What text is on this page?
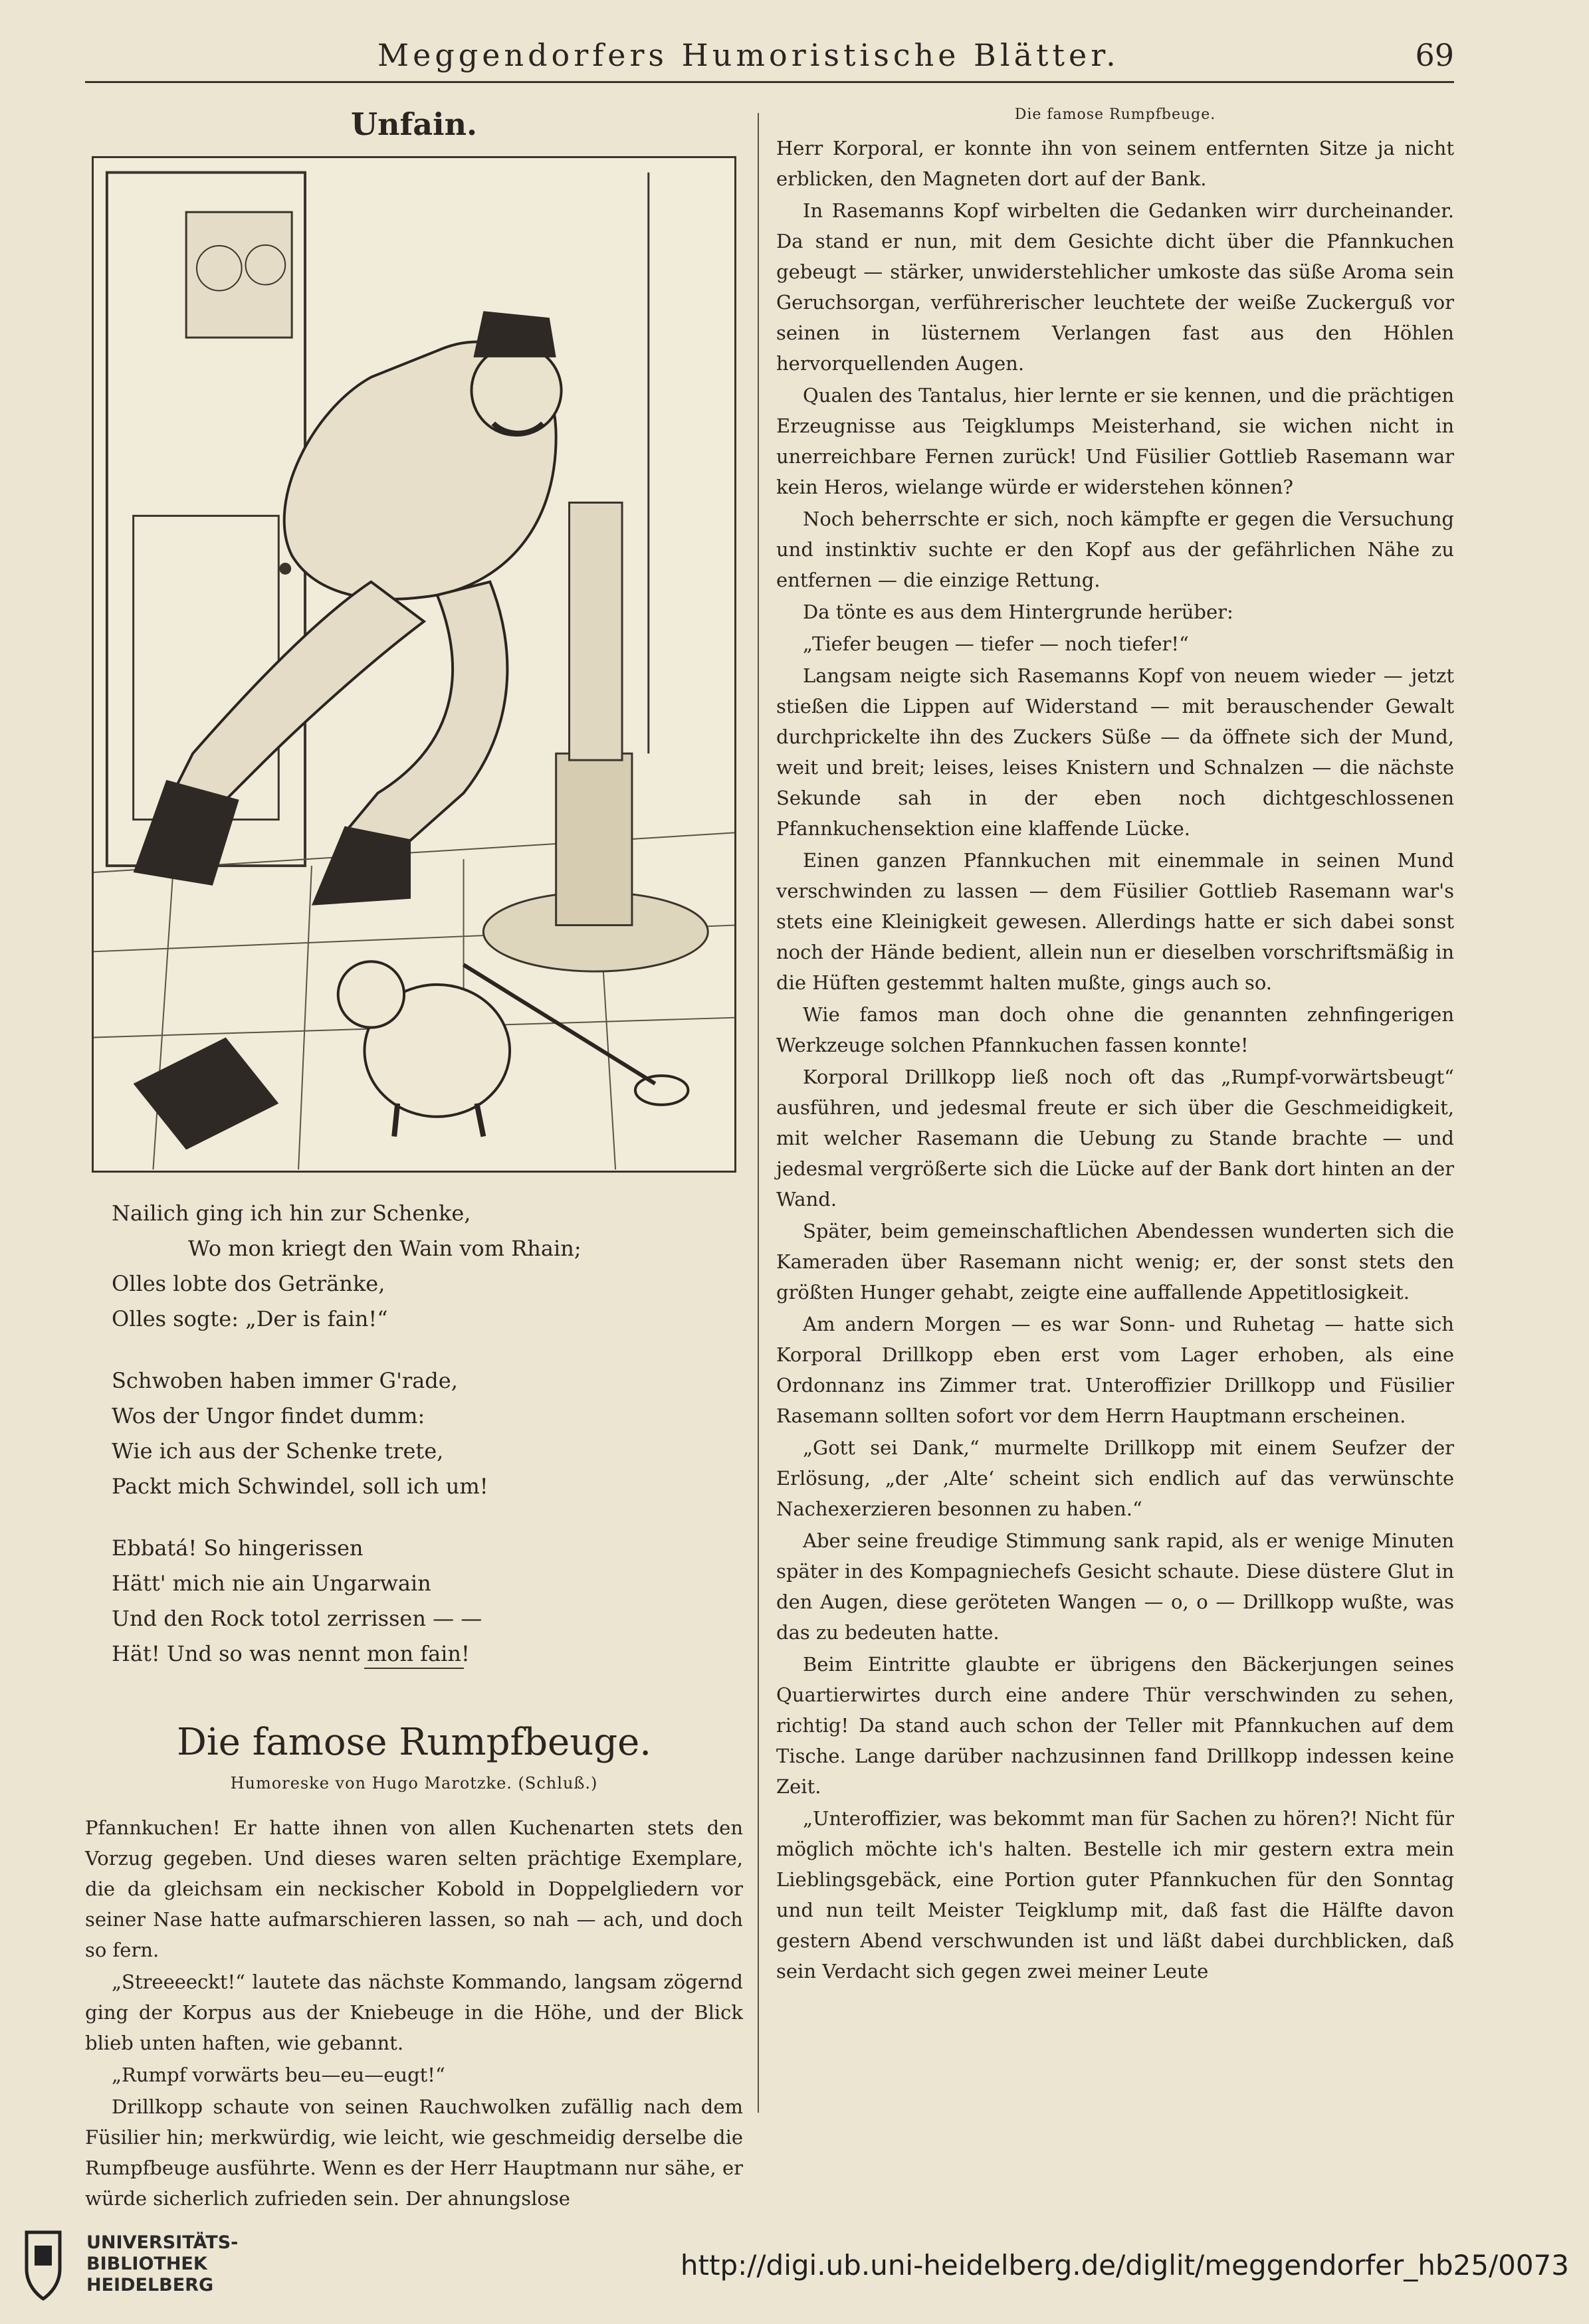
Meggendorfers Humoristische Blätter.	69
Unfain.
Nailich ging ich hin zur Schenke,
Wo mon kriegt den Wain vom Rhain;
Olles lobte dos Getränke,
Olles sogte: „Der is fain!“
Schwoben haben immer G'rade,
Wos der Ungor findet dumm:
Wie ich aus der Schenke trete,
Packt mich Schwindel, soll ich um!
Ebbatá! So hingerissen
Hätt' mich nie ain Ungarwain
Und den Rock totol zerrissen — —
Hät! Und so was nennt mon fain!
Die famose Rumpfbeuge.
Humoreske von Hugo Marotzke. (Schluß.)

Pfannkuchen! Er hatte ihnen von allen Kuchenarten stets den Vorzug gegeben. Und dieses waren selten prächtige Exemplare, die da gleichsam ein neckischer Kobold in Doppelgliedern vor seiner Nase hatte aufmarschieren lassen, so nah — ach, und doch so fern.

„Streeeeckt!“ lautete das nächste Kommando, langsam zögernd ging der Korpus aus der Kniebeuge in die Höhe, und der Blick blieb unten haften, wie gebannt.

„Rumpf vorwärts beu—eu—eugt!“

Drillkopp schaute von seinen Rauchwolken zufällig nach dem Füsilier hin; merkwürdig, wie leicht, wie geschmeidig derselbe die Rumpfbeuge ausführte. Wenn es der Herr Hauptmann nur sähe, er würde sicherlich zufrieden sein. Der ahnungslose

Die famose Rumpfbeuge.

Herr Korporal, er konnte ihn von seinem entfernten Sitze ja nicht erblicken, den Magneten dort auf der Bank.

In Rasemanns Kopf wirbelten die Gedanken wirr durcheinander. Da stand er nun, mit dem Gesichte dicht über die Pfannkuchen gebeugt — stärker, unwiderstehlicher umkoste das süße Aroma sein Geruchsorgan, verführerischer leuchtete der weiße Zuckerguß vor seinen in lüsternem Verlangen fast aus den Höhlen hervorquellenden Augen.

Qualen des Tantalus, hier lernte er sie kennen, und die prächtigen Erzeugnisse aus Teigklumps Meisterhand, sie wichen nicht in unerreichbare Fernen zurück! Und Füsilier Gottlieb Rasemann war kein Heros, wielange würde er widerstehen können?

Noch beherrschte er sich, noch kämpfte er gegen die Versuchung und instinktiv suchte er den Kopf aus der gefährlichen Nähe zu entfernen — die einzige Rettung.

Da tönte es aus dem Hintergrunde herüber:

„Tiefer beugen — tiefer — noch tiefer!“

Langsam neigte sich Rasemanns Kopf von neuem wieder — jetzt stießen die Lippen auf Widerstand — mit berauschender Gewalt durchprickelte ihn des Zuckers Süße — da öffnete sich der Mund, weit und breit; leises, leises Knistern und Schnalzen — die nächste Sekunde sah in der eben noch dichtgeschlossenen Pfannkuchensektion eine klaffende Lücke.

Einen ganzen Pfannkuchen mit einemmale in seinen Mund verschwinden zu lassen — dem Füsilier Gottlieb Rasemann war's stets eine Kleinigkeit gewesen. Allerdings hatte er sich dabei sonst noch der Hände bedient, allein nun er dieselben vorschriftsmäßig in die Hüften gestemmt halten mußte, gings auch so.

Wie famos man doch ohne die genannten zehnfingerigen Werkzeuge solchen Pfannkuchen fassen konnte!

Korporal Drillkopp ließ noch oft das „Rumpf-vorwärtsbeugt“ ausführen, und jedesmal freute er sich über die Geschmeidigkeit, mit welcher Rasemann die Uebung zu Stande brachte — und jedesmal vergrößerte sich die Lücke auf der Bank dort hinten an der Wand.

Später, beim gemeinschaftlichen Abendessen wunderten sich die Kameraden über Rasemann nicht wenig; er, der sonst stets den größten Hunger gehabt, zeigte eine auffallende Appetitlosigkeit.

Am andern Morgen — es war Sonn- und Ruhetag — hatte sich Korporal Drillkopp eben erst vom Lager erhoben, als eine Ordonnanz ins Zimmer trat. Unteroffizier Drillkopp und Füsilier Rasemann sollten sofort vor dem Herrn Hauptmann erscheinen.

„Gott sei Dank,“ murmelte Drillkopp mit einem Seufzer der Erlösung, „der ‚Alte‘ scheint sich endlich auf das verwünschte Nachexerzieren besonnen zu haben.“

Aber seine freudige Stimmung sank rapid, als er wenige Minuten später in des Kompagniechefs Gesicht schaute. Diese düstere Glut in den Augen, diese geröteten Wangen — o, o — Drillkopp wußte, was das zu bedeuten hatte.

Beim Eintritte glaubte er übrigens den Bäckerjungen seines Quartierwirtes durch eine andere Thür verschwinden zu sehen, richtig! Da stand auch schon der Teller mit Pfannkuchen auf dem Tische. Lange darüber nachzusinnen fand Drillkopp indessen keine Zeit.

„Unteroffizier, was bekommt man für Sachen zu hören?! Nicht für möglich möchte ich's halten. Bestelle ich mir gestern extra mein Lieblingsgebäck, eine Portion guter Pfannkuchen für den Sonntag und nun teilt Meister Teigklump mit, daß fast die Hälfte davon gestern Abend verschwunden ist und läßt dabei durchblicken, daß sein Verdacht sich gegen zwei meiner Leute

UNIVERSITÄTS-
BIBLIOTHEK
HEIDELBERG
http://digi.ub.uni-heidelberg.de/diglit/meggendorfer_hb25/0073
